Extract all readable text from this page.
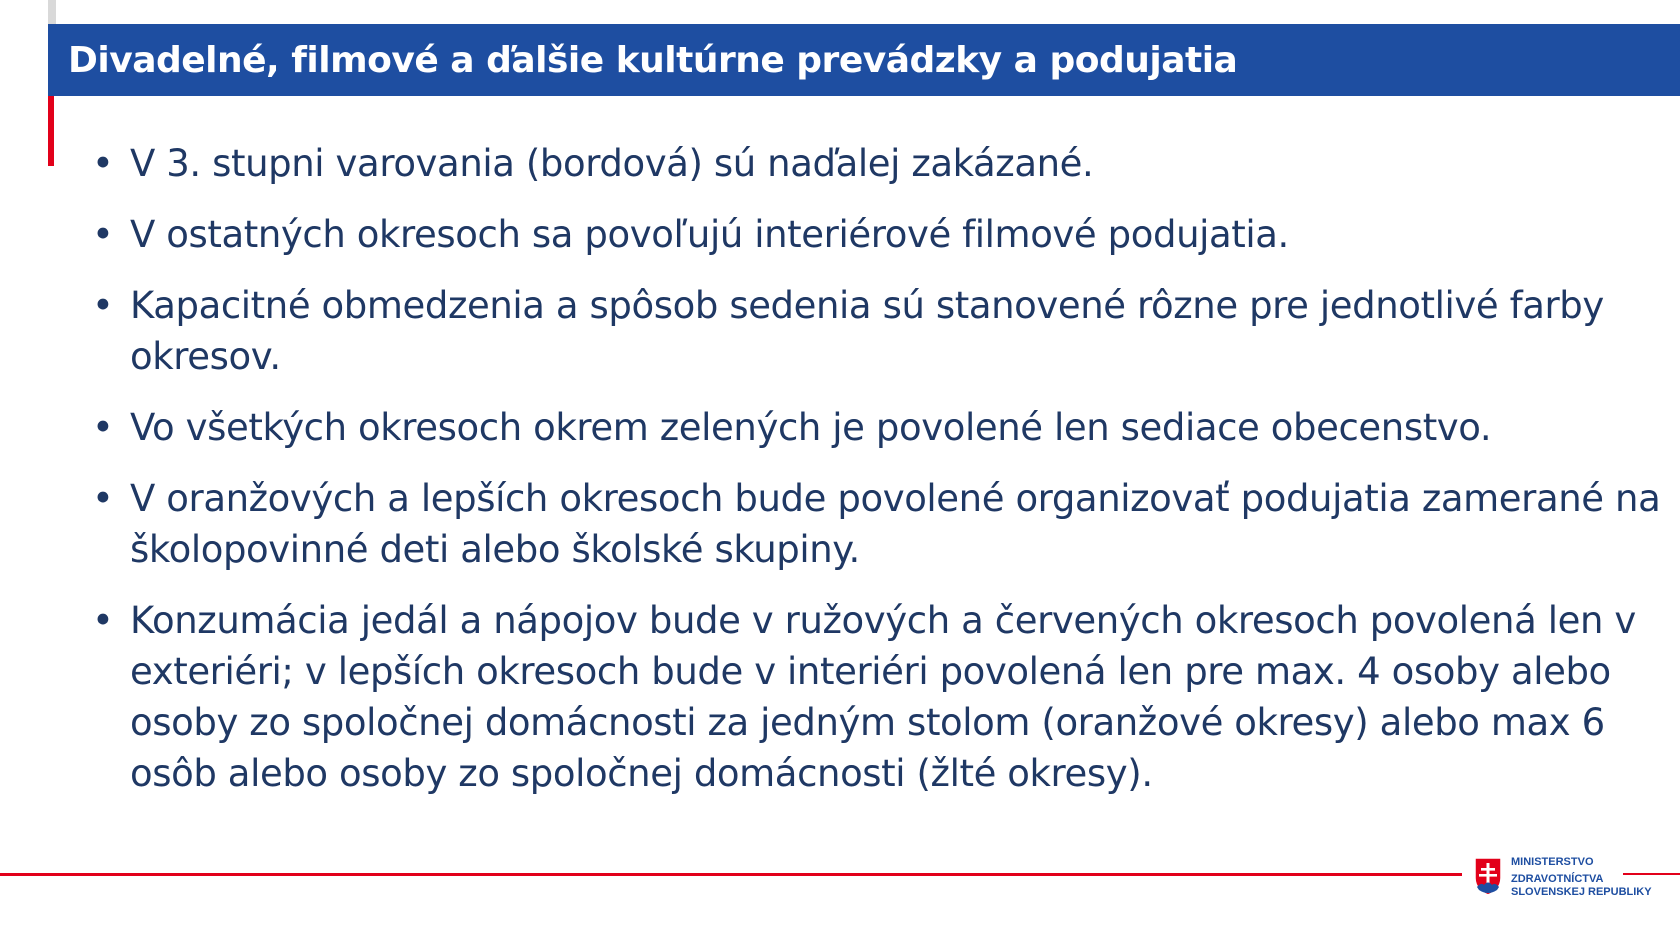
Divadelné, filmové a ďalšie kultúrne prevádzky a podujatia
• V 3. stupni varovania (bordová) sú naďalej zakázané.
• V ostatných okresoch sa povoľujú interiérové filmové podujatia.
• Kapacitné obmedzenia a spôsob sedenia sú stanovené rôzne pre jednotlivé farby okresov.
• Vo všetkých okresoch okrem zelených je povolené len sediace obecenstvo.
• V oranžových a lepších okresoch bude povolené organizovať podujatia zamerané na školopovinné deti alebo školské skupiny.
• Konzumácia jedál a nápojov bude v ružových a červených okresoch povolená len v exteriéri; v lepších okresoch bude v interiéri povolená len pre max. 4 osoby alebo osoby zo spoločnej domácnosti za jedným stolom (oranžové okresy) alebo max 6 osôb alebo osoby zo spoločnej domácnosti (žlté okresy).
MINISTERSTVO
ZDRAVOTNÍCTVA
SLOVENSKEJ REPUBLIKY
